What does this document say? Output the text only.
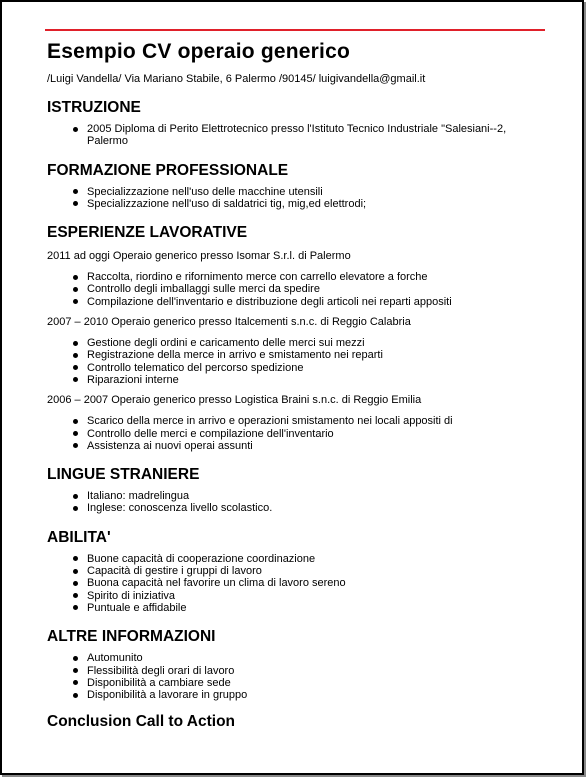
Esempio CV operaio generico
/Luigi Vandella/ Via Mariano Stabile, 6 Palermo /90145/ luigivandella@gmail.it
ISTRUZIONE
2005 Diploma di Perito Elettrotecnico presso l'Istituto Tecnico Industriale "Salesiani--2, Palermo
FORMAZIONE PROFESSIONALE
Specializzazione nell'uso delle macchine utensili
Specializzazione nell'uso di saldatrici tig, mig,ed elettrodi;
ESPERIENZE LAVORATIVE
2011 ad oggi Operaio generico presso Isomar S.r.l. di Palermo
Raccolta, riordino e rifornimento merce con carrello elevatore a forche
Controllo degli imballaggi sulle merci da spedire
Compilazione dell'inventario e distribuzione degli articoli nei reparti appositi
2007 – 2010 Operaio generico presso Italcementi s.n.c. di Reggio Calabria
Gestione degli ordini e caricamento delle merci sui mezzi
Registrazione della merce in arrivo e smistamento nei reparti
Controllo telematico del percorso spedizione
Riparazioni interne
2006 – 2007 Operaio generico presso Logistica Braini s.n.c. di Reggio Emilia
Scarico della merce in arrivo e operazioni smistamento nei locali appositi di
Controllo delle merci e compilazione dell'inventario
Assistenza ai nuovi operai assunti
LINGUE STRANIERE
Italiano: madrelingua
Inglese: conoscenza livello scolastico.
ABILITA'
Buone capacità di cooperazione coordinazione
Capacità di gestire i gruppi di lavoro
Buona capacità nel favorire un clima di lavoro sereno
Spirito di iniziativa
Puntuale e affidabile
ALTRE INFORMAZIONI
Automunito
Flessibilità degli orari di lavoro
Disponibilità a cambiare sede
Disponibilità a lavorare in gruppo
Conclusion Call to Action
